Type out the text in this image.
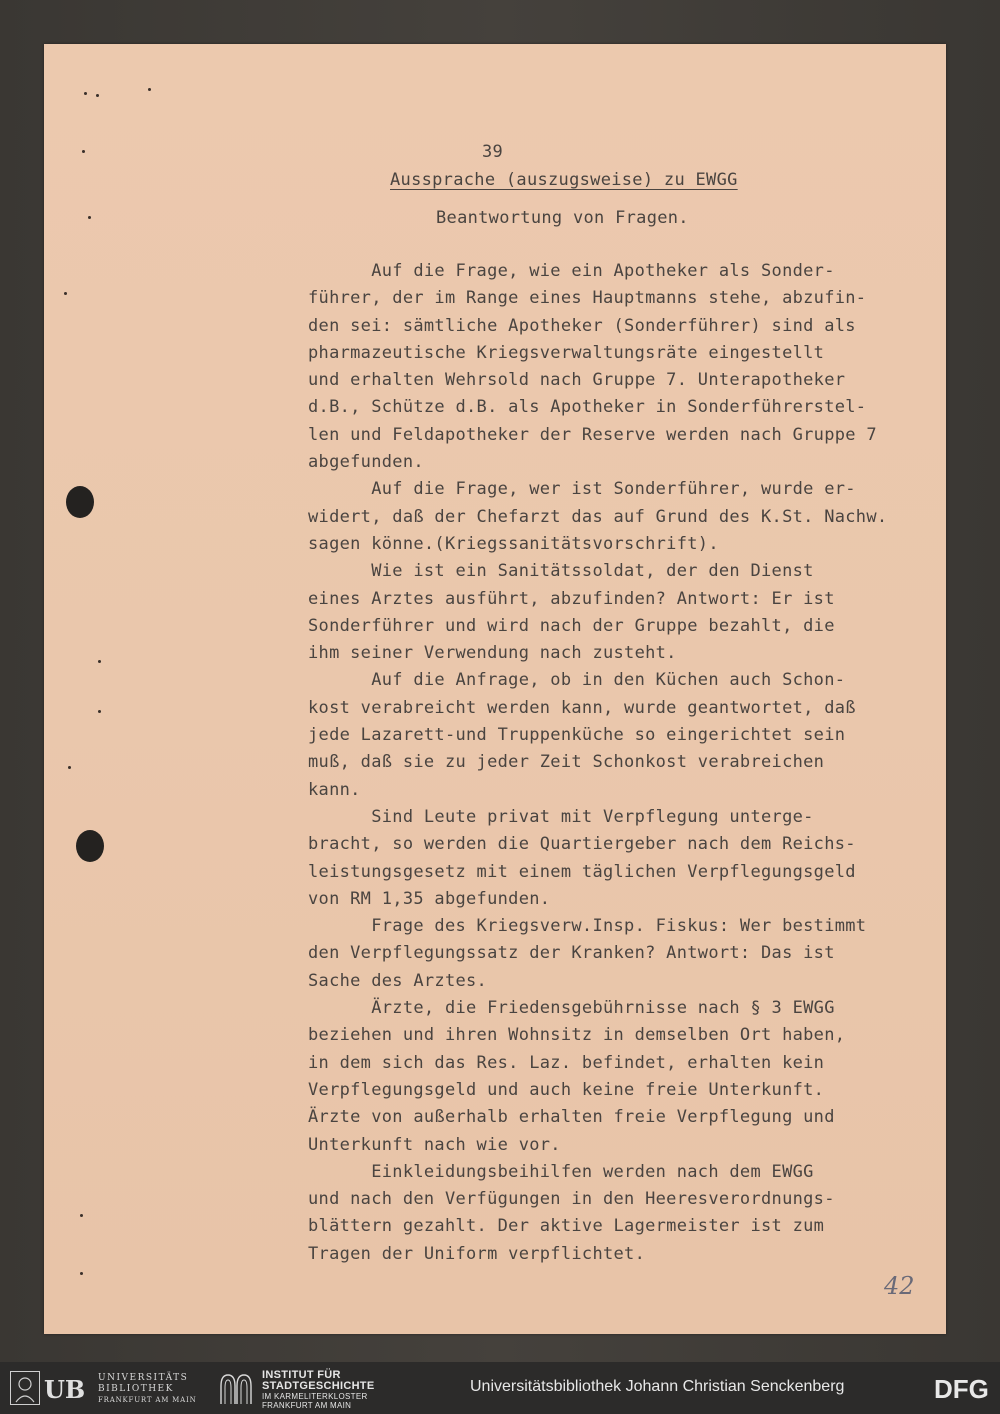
39
Aussprache (auszugsweise) zu EWGG
Beantwortung von Fragen.
Auf die Frage, wie ein Apotheker als Sonder-
führer, der im Range eines Hauptmanns stehe, abzufin-
den sei: sämtliche Apotheker (Sonderführer) sind als
pharmazeutische Kriegsverwaltungsräte eingestellt
und erhalten Wehrsold nach Gruppe 7. Unterapotheker
d.B., Schütze d.B. als Apotheker in Sonderführerstel-
len und Feldapotheker der Reserve werden nach Gruppe 7
abgefunden.
Auf die Frage, wer ist Sonderführer, wurde er-
widert, daß der Chefarzt das auf Grund des K.St. Nachw.
sagen könne.(Kriegssanitätsvorschrift).
Wie ist ein Sanitätssoldat, der den Dienst
eines Arztes ausführt, abzufinden? Antwort: Er ist
Sonderführer und wird nach der Gruppe bezahlt, die
ihm seiner Verwendung nach zusteht.
Auf die Anfrage, ob in den Küchen auch Schon-
kost verabreicht werden kann, wurde geantwortet, daß
jede Lazarett-und Truppenküche so eingerichtet sein
muß, daß sie zu jeder Zeit Schonkost verabreichen
kann.
Sind Leute privat mit Verpflegung unterge-
bracht, so werden die Quartiergeber nach dem Reichs-
leistungsgesetz mit einem täglichen Verpflegungsgeld
von RM 1,35 abgefunden.
Frage des Kriegsverw.Insp. Fiskus: Wer bestimmt
den Verpflegungssatz der Kranken? Antwort: Das ist
Sache des Arztes.
Ärzte, die Friedensgebührnisse nach § 3 EWGG
beziehen und ihren Wohnsitz in demselben Ort haben,
in dem sich das Res. Laz. befindet, erhalten kein
Verpflegungsgeld und auch keine freie Unterkunft.
Ärzte von außerhalb erhalten freie Verpflegung und
Unterkunft nach wie vor.
Einkleidungsbeihilfen werden nach dem EWGG
und nach den Verfügungen in den Heeresverordnungs-
blättern gezahlt. Der aktive Lagermeister ist zum
Tragen der Uniform verpflichtet.
42
UB UNIVERSITÄTS
BIBLIOTHEK
FRANKFURT AM MAIN
INSTITUT FÜR
STADTGESCHICHTE
IM KARMELITERKLOSTER
FRANKFURT AM MAIN
Universitätsbibliothek Johann Christian Senckenberg	DFG
